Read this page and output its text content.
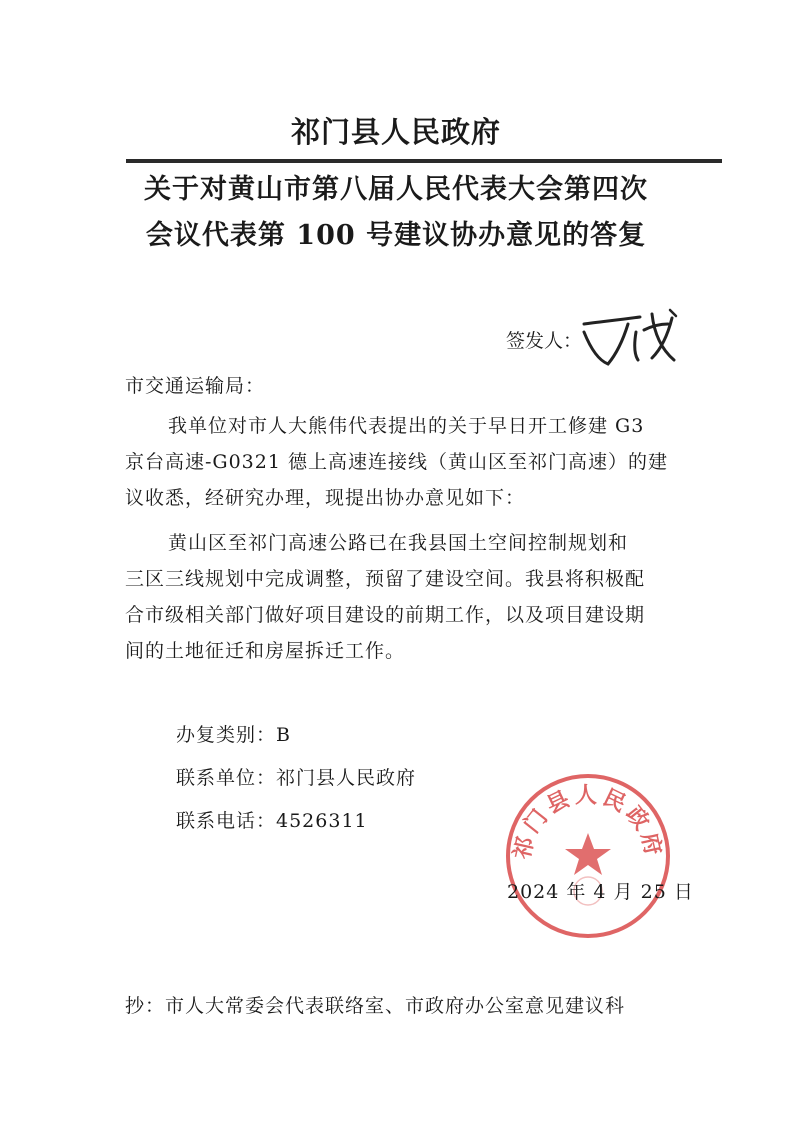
祁门县人民政府
关于对黄山市第八届人民代表大会第四次
会议代表第 100 号建议协办意见的答复
签发人：
市交通运输局：
我单位对市人大熊伟代表提出的关于早日开工修建 G3
京台高速-G0321 德上高速连接线（黄山区至祁门高速）的建
议收悉，经研究办理，现提出协办意见如下：
黄山区至祁门高速公路已在我县国土空间控制规划和
三区三线规划中完成调整，预留了建设空间。我县将积极配
合市级相关部门做好项目建设的前期工作，以及项目建设期
间的土地征迁和房屋拆迁工作。
办复类别：B
联系单位：祁门县人民政府
联系电话：4526311
祁门县人民政府
2024 年 4 月 25 日
抄：市人大常委会代表联络室、市政府办公室意见建议科
